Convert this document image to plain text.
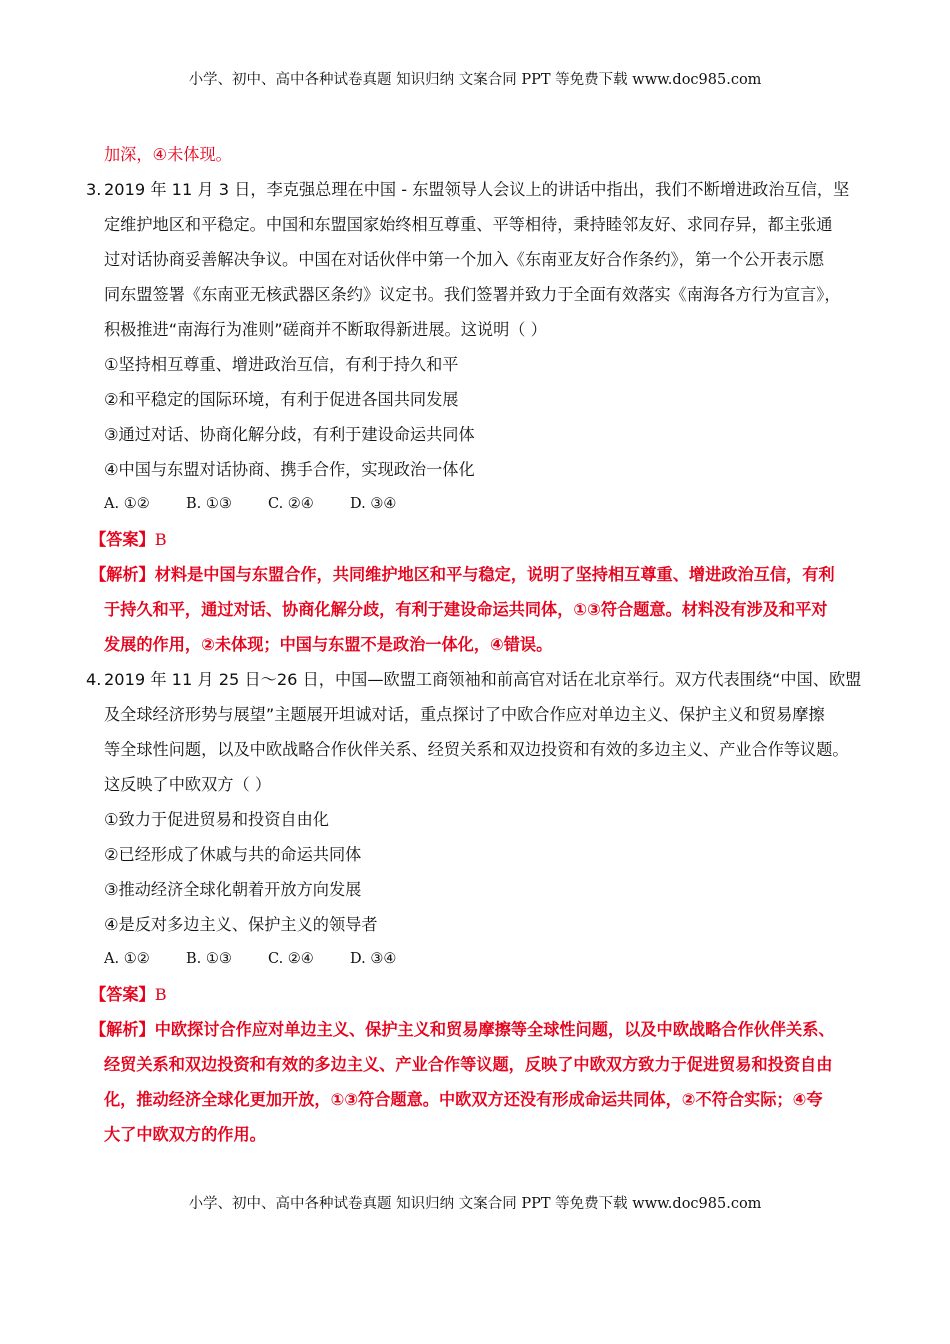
小学、初中、高中各种试卷真题 知识归纳 文案合同 PPT 等免费下载 www.doc985.com
加深，④未体现。
3. 2019 年 11 月 3 日，李克强总理在中国 - 东盟领导人会议上的讲话中指出，我们不断增进政治互信，坚
定维护地区和平稳定。中国和东盟国家始终相互尊重、平等相待，秉持睦邻友好、求同存异，都主张通
过对话协商妥善解决争议。中国在对话伙伴中第一个加入《东南亚友好合作条约》，第一个公开表示愿
同东盟签署《东南亚无核武器区条约》议定书。我们签署并致力于全面有效落实《南海各方行为宣言》，
积极推进“南海行为准则”磋商并不断取得新进展。这说明（ ）
①坚持相互尊重、增进政治互信，有利于持久和平
②和平稳定的国际环境，有利于促进各国共同发展
③通过对话、协商化解分歧，有利于建设命运共同体
④中国与东盟对话协商、携手合作，实现政治一体化
A. ①②	B. ①③ C. ②④ D. ③④
【答案】B
【解析】材料是中国与东盟合作，共同维护地区和平与稳定，说明了坚持相互尊重、增进政治互信，有利
于持久和平，通过对话、协商化解分歧，有利于建设命运共同体，①③符合题意。材料没有涉及和平对
发展的作用，②未体现；中国与东盟不是政治一体化，④错误。
4. 2019 年 11 月 25 日～26 日，中国—欧盟工商领袖和前高官对话在北京举行。双方代表围绕“中国、欧盟
及全球经济形势与展望”主题展开坦诚对话，重点探讨了中欧合作应对单边主义、保护主义和贸易摩擦
等全球性问题，以及中欧战略合作伙伴关系、经贸关系和双边投资和有效的多边主义、产业合作等议题。
这反映了中欧双方（ ）
①致力于促进贸易和投资自由化
②已经形成了休戚与共的命运共同体
③推动经济全球化朝着开放方向发展
④是反对多边主义、保护主义的领导者
A. ①②	B. ①③ C. ②④ D. ③④
【答案】B
【解析】中欧探讨合作应对单边主义、保护主义和贸易摩擦等全球性问题，以及中欧战略合作伙伴关系、
经贸关系和双边投资和有效的多边主义、产业合作等议题，反映了中欧双方致力于促进贸易和投资自由
化，推动经济全球化更加开放，①③符合题意。中欧双方还没有形成命运共同体，②不符合实际；④夸
大了中欧双方的作用。
小学、初中、高中各种试卷真题 知识归纳 文案合同 PPT 等免费下载 www.doc985.com
